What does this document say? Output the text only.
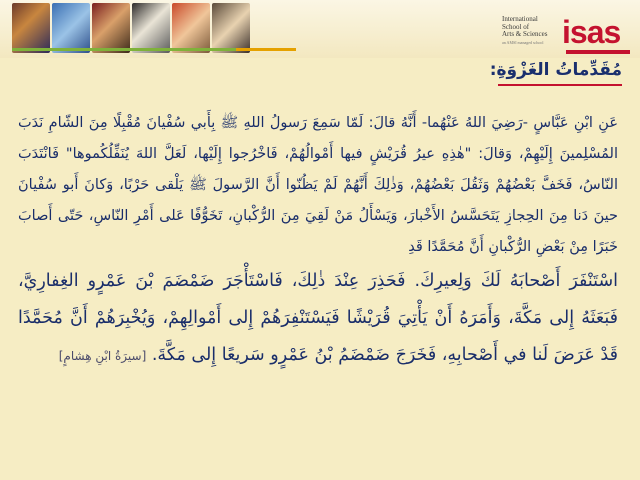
International
School of
Arts & Sciences
an AMSI managed school isas
مُقَدِّماتُ الغَزْوَةِ:

عَنِ ابْنِ عَبَّاسٍ -رَضِيَ اللهُ عَنْهُما- أَنَّهُ قالَ: لَمّا سَمِعَ رَسولُ اللهِ ﷺ بِأَبي سُفْيانَ مُقْبِلًا مِنَ الشّامِ نَدَبَ المُسْلِمينَ إِلَيْهِمْ، وَقالَ: "هٰذِهِ عيرُ قُرَيْشٍ فيها أَمْوالُهُمْ، فَاخْرُجوا إِلَيْها، لَعَلَّ اللهَ يُنَفِّلُكُموها" فَانْتَدَبَ النّاسُ، فَخَفَّ بَعْضُهُمْ وَثَقُلَ بَعْضُهُمْ، وَذٰلِكَ أَنَّهُمْ لَمْ يَظُنّوا أَنَّ الرَّسولَ ﷺ يَلْقى حَرْبًا، وَكانَ أَبو سُفْيانَ حينَ دَنا مِنَ الحِجازِ يَتَحَسَّسُ الأَخْبارَ، وَيَسْأَلُ مَنْ لَقِيَ مِنَ الرُّكْبانِ، تَخَوُّفًا عَلى أَمْرِ النّاسِ، حَتّى أَصابَ خَبَرًا مِنْ بَعْضِ الرُّكْبانِ أَنَّ مُحَمَّدًا قَدِ

اسْتَنْفَرَ أَصْحابَهُ لَكَ وَلِعيرِكَ. فَحَذِرَ عِنْدَ ذٰلِكَ، فَاسْتَأْجَرَ ضَمْضَمَ بْنَ عَمْرٍو الغِفارِيَّ، فَبَعَثَهُ إِلى مَكَّةَ، وَأَمَرَهُ أَنْ يَأْتِيَ قُرَيْشًا فَيَسْتَنْفِرَهُمْ إِلى أَمْوالِهِمْ، وَيُخْبِرَهُمْ أَنَّ مُحَمَّدًا قَدْ عَرَضَ لَنا في أَصْحابِهِ، فَخَرَجَ ضَمْضَمُ بْنُ عَمْرٍو سَريعًا إِلى مَكَّةَ. [سيرَةُ ابْنِ هِشامٍ]
